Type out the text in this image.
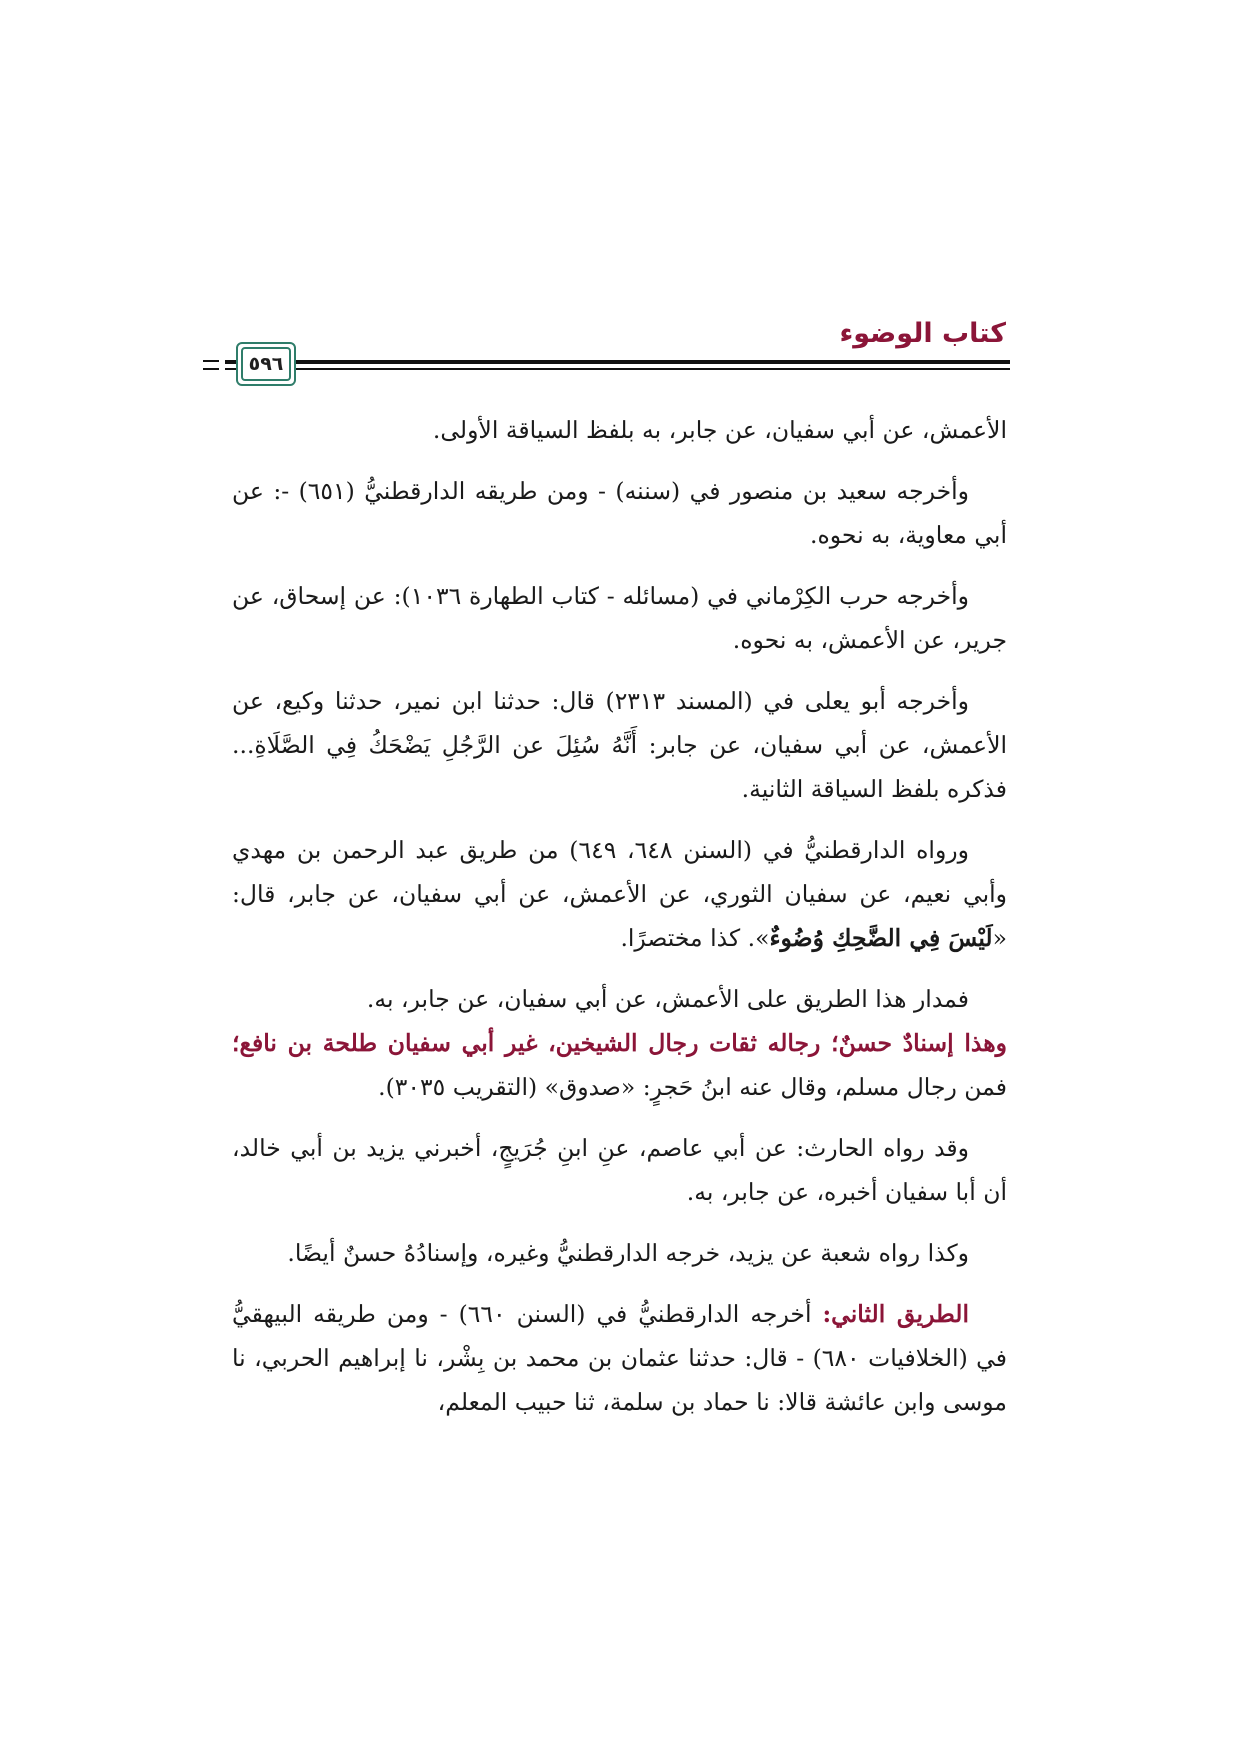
كتاب الوضوء
٥٩٦

الأعمش، عن أبي سفيان، عن جابر، به بلفظ السياقة الأولى.

وأخرجه سعيد بن منصور في (سننه) - ومن طريقه الدارقطنيُّ (٦٥١) -: عن أبي معاوية، به نحوه.

وأخرجه حرب الكِرْماني في (مسائله - كتاب الطهارة ١٠٣٦): عن إسحاق، عن جرير، عن الأعمش، به نحوه.

وأخرجه أبو يعلى في (المسند ٢٣١٣) قال: حدثنا ابن نمير، حدثنا وكيع، عن الأعمش، عن أبي سفيان، عن جابر: أَنَّهُ سُئِلَ عن الرَّجُلِ يَضْحَكُ فِي الصَّلَاةِ... فذكره بلفظ السياقة الثانية.

ورواه الدارقطنيُّ في (السنن ٦٤٨، ٦٤٩) من طريق عبد الرحمن بن مهدي وأبي نعيم، عن سفيان الثوري، عن الأعمش، عن أبي سفيان، عن جابر، قال: «لَيْسَ فِي الضَّحِكِ وُضُوءٌ». كذا مختصرًا.

فمدار هذا الطريق على الأعمش، عن أبي سفيان، عن جابر، به.

وهذا إسنادٌ حسنٌ؛ رجاله ثقات رجال الشيخين، غير أبي سفيان طلحة بن نافع؛ فمن رجال مسلم، وقال عنه ابنُ حَجرٍ: «صدوق» (التقريب ٣٠٣٥).

وقد رواه الحارث: عن أبي عاصم، عنِ ابنِ جُرَيجٍ، أخبرني يزيد بن أبي خالد، أن أبا سفيان أخبره، عن جابر، به.

وكذا رواه شعبة عن يزيد، خرجه الدارقطنيُّ وغيره، وإسنادُهُ حسنٌ أيضًا.

الطريق الثاني: أخرجه الدارقطنيُّ في (السنن ٦٦٠) - ومن طريقه البيهقيُّ في (الخلافيات ٦٨٠) - قال: حدثنا عثمان بن محمد بن بِشْر، نا إبراهيم الحربي، نا موسى وابن عائشة قالا: نا حماد بن سلمة، ثنا حبيب المعلم،
